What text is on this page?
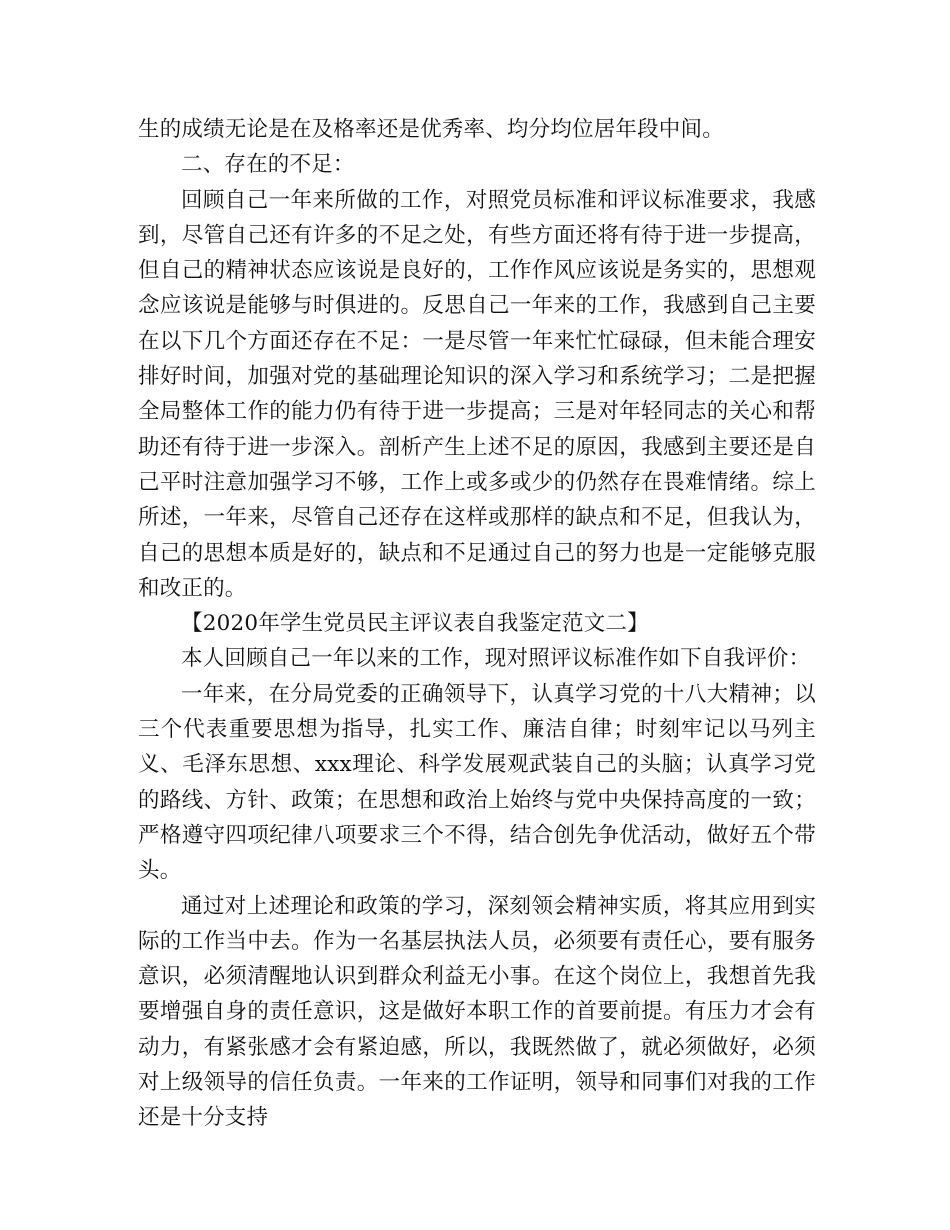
生的成绩无论是在及格率还是优秀率、均分均位居年段中间。

二、存在的不足：

回顾自己一年来所做的工作，对照党员标准和评议标准要求，我感到，尽管自己还有许多的不足之处，有些方面还将有待于进一步提高，但自己的精神状态应该说是良好的，工作作风应该说是务实的，思想观念应该说是能够与时俱进的。反思自己一年来的工作，我感到自己主要在以下几个方面还存在不足：一是尽管一年来忙忙碌碌，但未能合理安排好时间，加强对党的基础理论知识的深入学习和系统学习；二是把握全局整体工作的能力仍有待于进一步提高；三是对年轻同志的关心和帮助还有待于进一步深入。剖析产生上述不足的原因，我感到主要还是自己平时注意加强学习不够，工作上或多或少的仍然存在畏难情绪。综上所述，一年来，尽管自己还存在这样或那样的缺点和不足，但我认为，自己的思想本质是好的，缺点和不足通过自己的努力也是一定能够克服和改正的。

【2020年学生党员民主评议表自我鉴定范文二】

本人回顾自己一年以来的工作，现对照评议标准作如下自我评价：

一年来，在分局党委的正确领导下，认真学习党的十八大精神；以三个代表重要思想为指导，扎实工作、廉洁自律；时刻牢记以马列主义、毛泽东思想、xxx理论、科学发展观武装自己的头脑；认真学习党的路线、方针、政策；在思想和政治上始终与党中央保持高度的一致；严格遵守四项纪律八项要求三个不得，结合创先争优活动，做好五个带头。

通过对上述理论和政策的学习，深刻领会精神实质，将其应用到实际的工作当中去。作为一名基层执法人员，必须要有责任心，要有服务意识，必须清醒地认识到群众利益无小事。在这个岗位上，我想首先我要增强自身的责任意识，这是做好本职工作的首要前提。有压力才会有动力，有紧张感才会有紧迫感，所以，我既然做了，就必须做好，必须对上级领导的信任负责。一年来的工作证明，领导和同事们对我的工作还是十分支持
